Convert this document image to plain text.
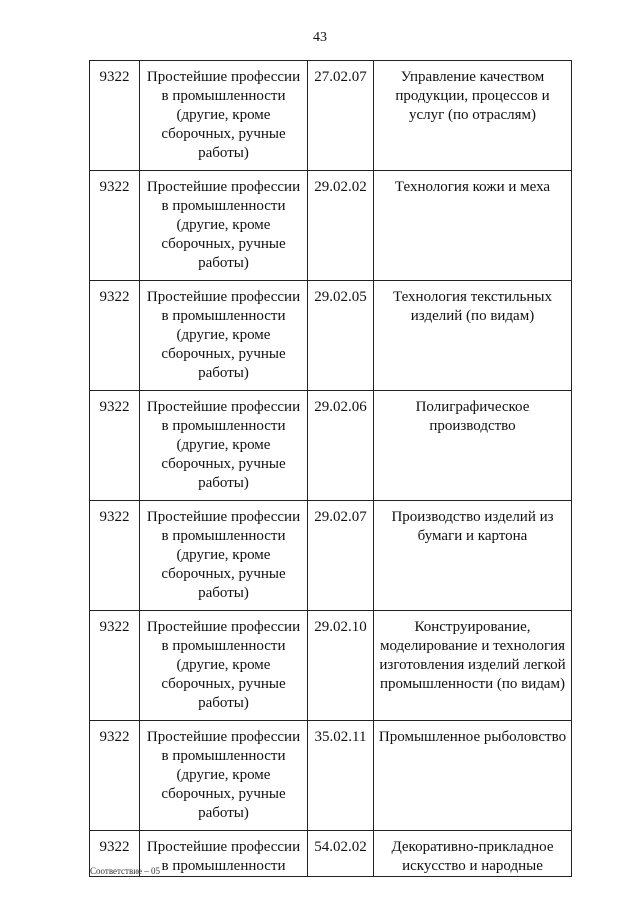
43
9322	Простейшие профессии
в промышленности
(другие, кроме
сборочных, ручные
работы)	27.02.07	Управление качеством
продукции, процессов и
услуг (по отраслям)
9322	Простейшие профессии
в промышленности
(другие, кроме
сборочных, ручные
работы)	29.02.02	Технология кожи и меха
9322	Простейшие профессии
в промышленности
(другие, кроме
сборочных, ручные
работы)	29.02.05	Технология текстильных
изделий (по видам)
9322	Простейшие профессии
в промышленности
(другие, кроме
сборочных, ручные
работы)	29.02.06	Полиграфическое
производство
9322	Простейшие профессии
в промышленности
(другие, кроме
сборочных, ручные
работы)	29.02.07	Производство изделий из
бумаги и картона
9322	Простейшие профессии
в промышленности
(другие, кроме
сборочных, ручные
работы)	29.02.10	Конструирование,
моделирование и технология
изготовления изделий легкой
промышленности (по видам)
9322	Простейшие профессии
в промышленности
(другие, кроме
сборочных, ручные
работы)	35.02.11	Промышленное рыболовство
9322	Простейшие профессии
в промышленности	54.02.02	Декоративно-прикладное
искусство и народные
Соответствие – 05
